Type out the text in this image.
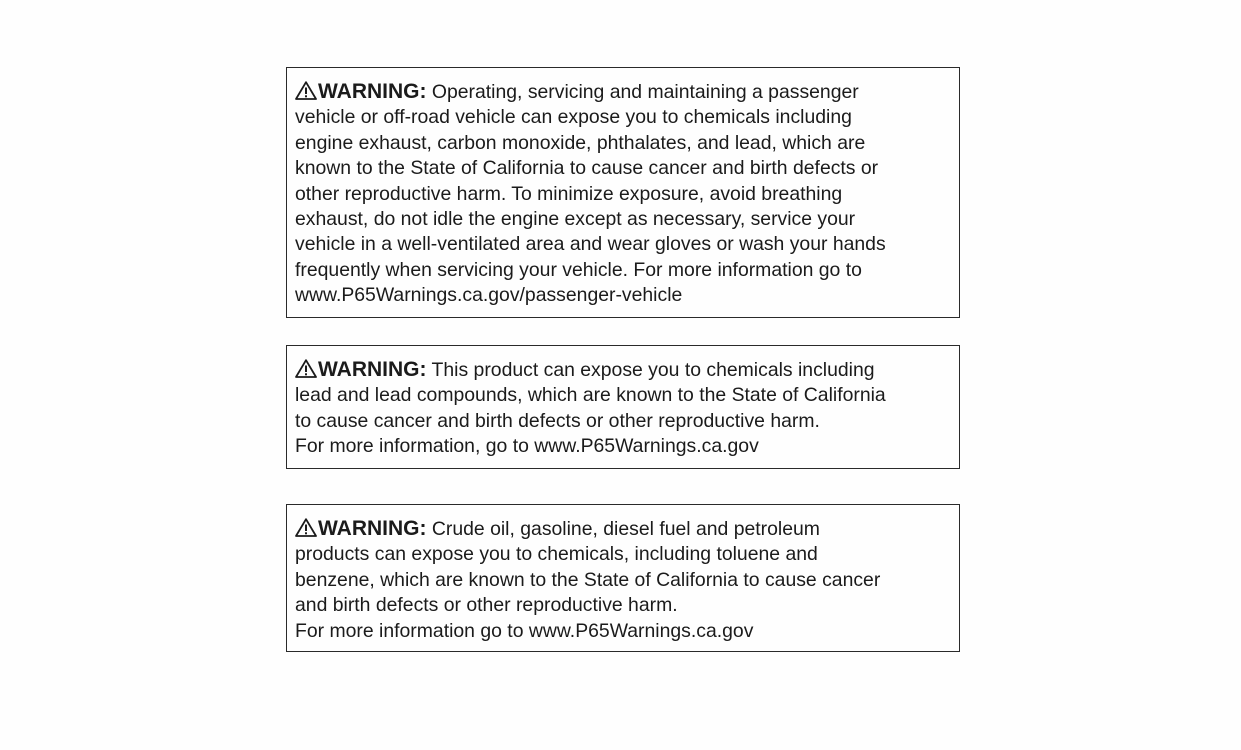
WARNING: Operating, servicing and maintaining a passenger
vehicle or off-road vehicle can expose you to chemicals including
engine exhaust, carbon monoxide, phthalates, and lead, which are
known to the State of California to cause cancer and birth defects or
other reproductive harm. To minimize exposure, avoid breathing
exhaust, do not idle the engine except as necessary, service your
vehicle in a well-ventilated area and wear gloves or wash your hands
frequently when servicing your vehicle. For more information go to
www.P65Warnings.ca.gov/passenger-vehicle
WARNING: This product can expose you to chemicals including
lead and lead compounds, which are known to the State of California
to cause cancer and birth defects or other reproductive harm.
For more information, go to www.P65Warnings.ca.gov
WARNING: Crude oil, gasoline, diesel fuel and petroleum
products can expose you to chemicals, including toluene and
benzene, which are known to the State of California to cause cancer
and birth defects or other reproductive harm.
For more information go to www.P65Warnings.ca.gov
